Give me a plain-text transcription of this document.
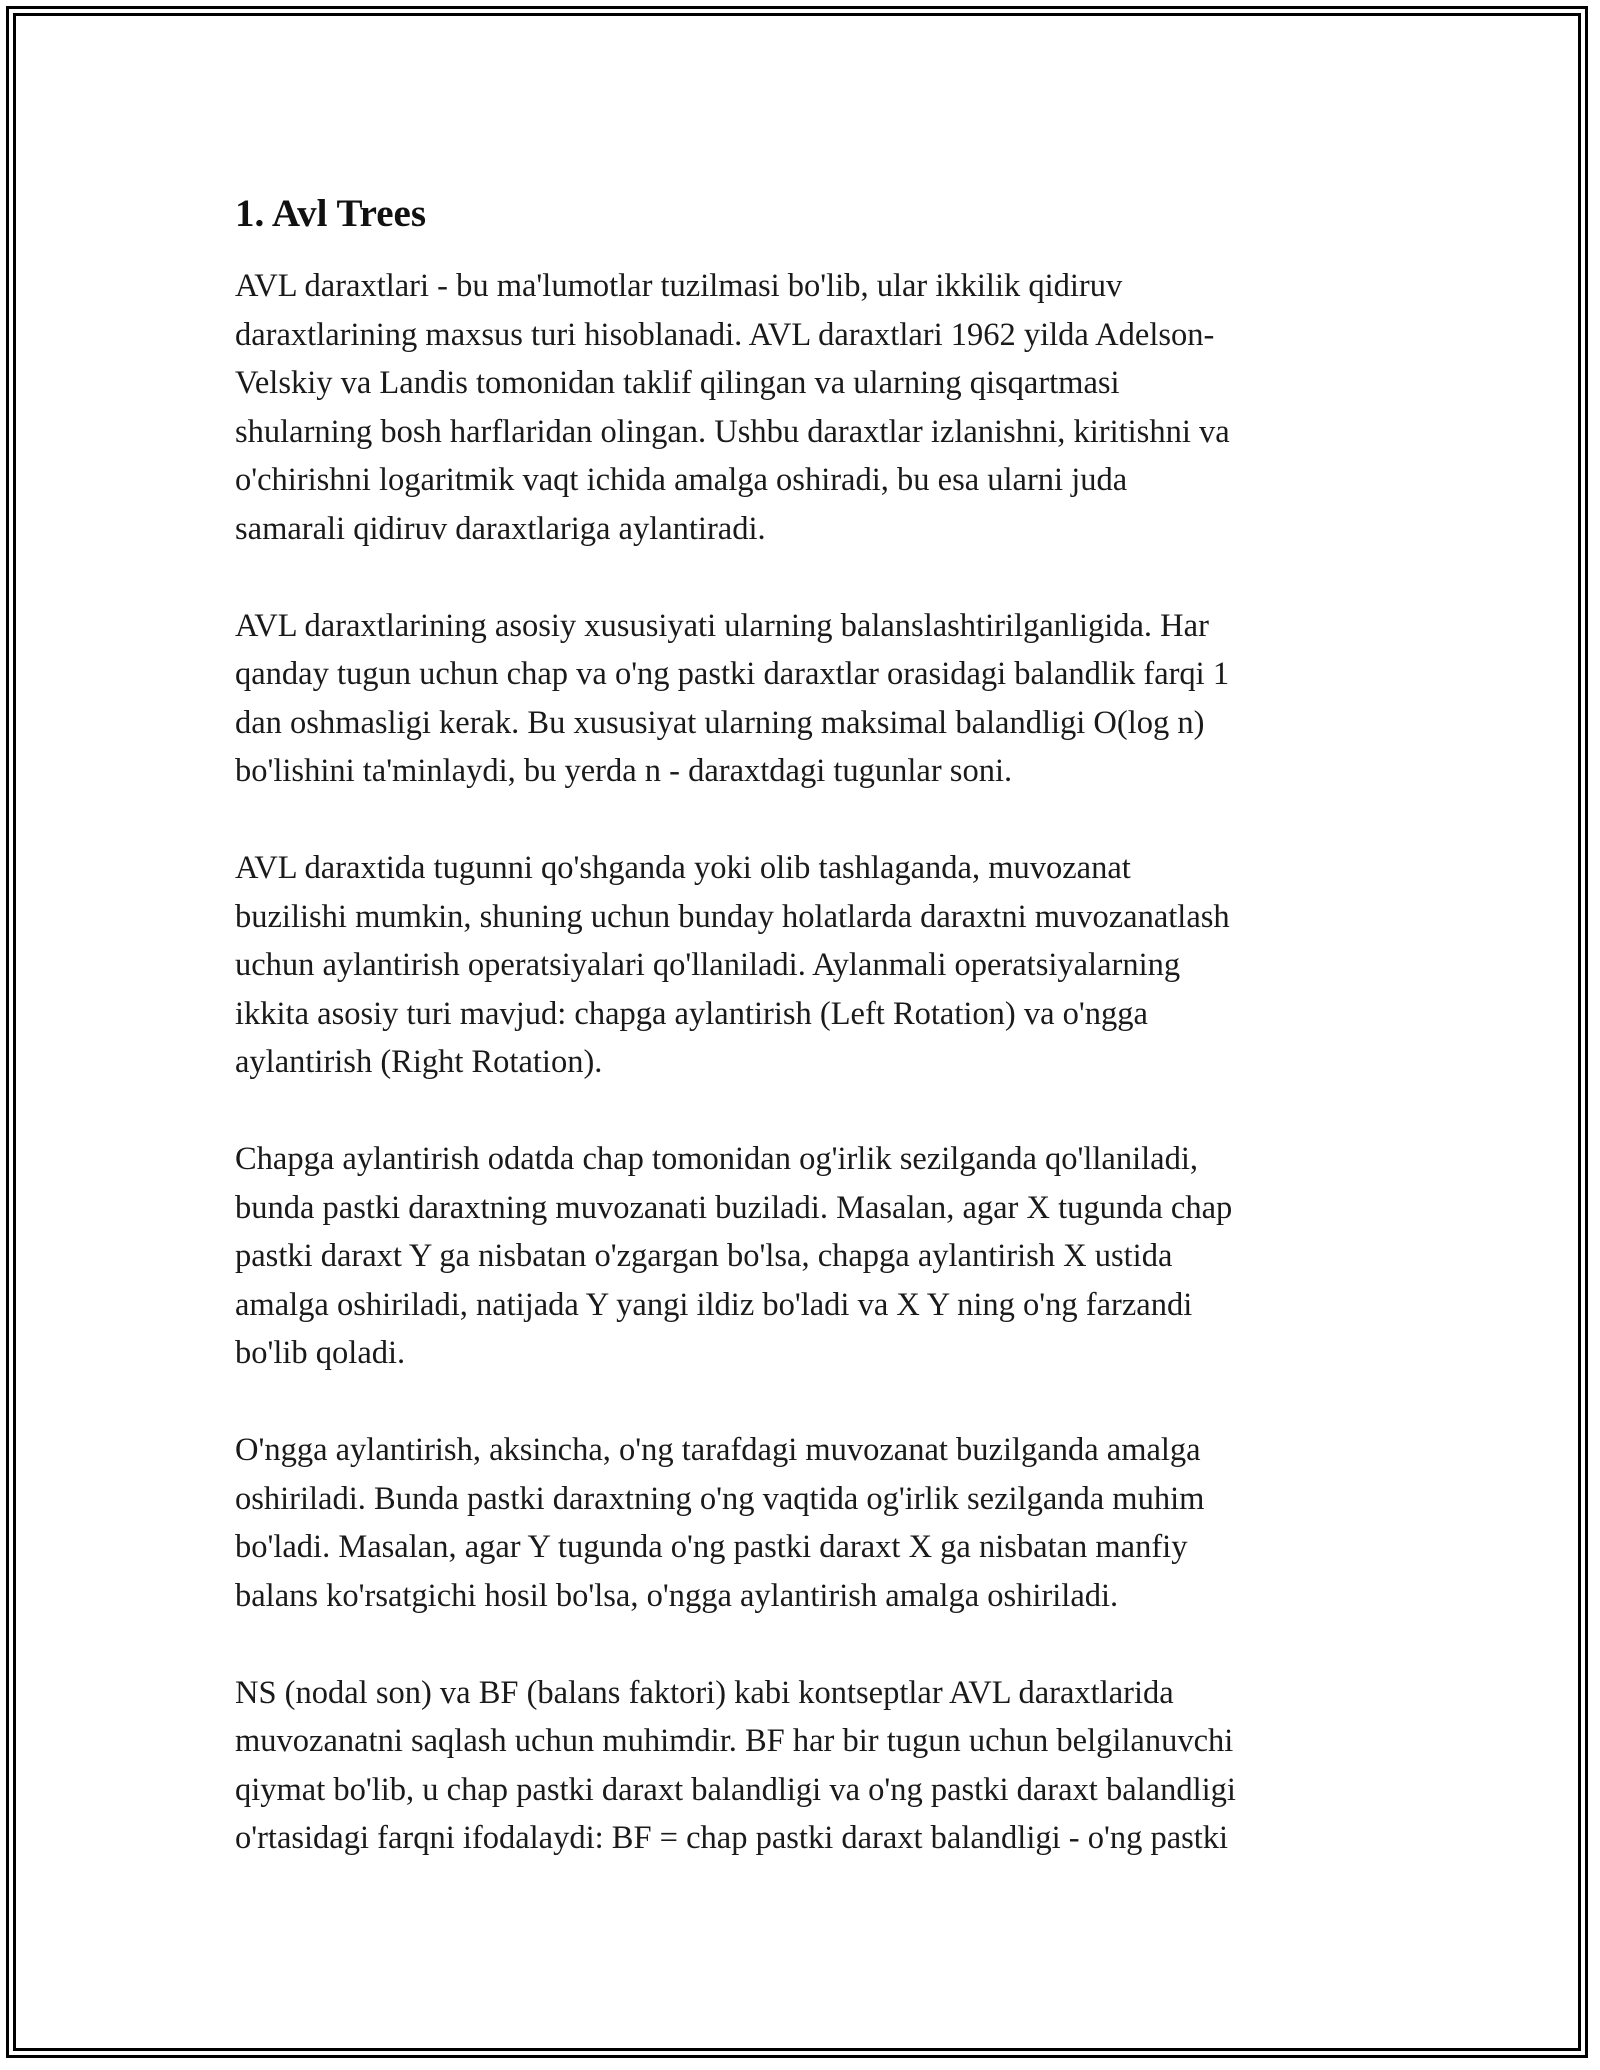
1. Avl Trees
AVL daraxtlari - bu ma'lumotlar tuzilmasi bo'lib, ular ikkilik qidiruv
daraxtlarining maxsus turi hisoblanadi. AVL daraxtlari 1962 yilda Adelson-
Velskiy va Landis tomonidan taklif qilingan va ularning qisqartmasi
shularning bosh harflaridan olingan. Ushbu daraxtlar izlanishni, kiritishni va
o'chirishni logaritmik vaqt ichida amalga oshiradi, bu esa ularni juda
samarali qidiruv daraxtlariga aylantiradi.
AVL daraxtlarining asosiy xususiyati ularning balanslashtirilganligida. Har
qanday tugun uchun chap va o'ng pastki daraxtlar orasidagi balandlik farqi 1
dan oshmasligi kerak. Bu xususiyat ularning maksimal balandligi O(log n)
bo'lishini ta'minlaydi, bu yerda n - daraxtdagi tugunlar soni.
AVL daraxtida tugunni qo'shganda yoki olib tashlaganda, muvozanat
buzilishi mumkin, shuning uchun bunday holatlarda daraxtni muvozanatlash
uchun aylantirish operatsiyalari qo'llaniladi. Aylanmali operatsiyalarning
ikkita asosiy turi mavjud: chapga aylantirish (Left Rotation) va o'ngga
aylantirish (Right Rotation).
Chapga aylantirish odatda chap tomonidan og'irlik sezilganda qo'llaniladi,
bunda pastki daraxtning muvozanati buziladi. Masalan, agar X tugunda chap
pastki daraxt Y ga nisbatan o'zgargan bo'lsa, chapga aylantirish X ustida
amalga oshiriladi, natijada Y yangi ildiz bo'ladi va X Y ning o'ng farzandi
bo'lib qoladi.
O'ngga aylantirish, aksincha, o'ng tarafdagi muvozanat buzilganda amalga
oshiriladi. Bunda pastki daraxtning o'ng vaqtida og'irlik sezilganda muhim
bo'ladi. Masalan, agar Y tugunda o'ng pastki daraxt X ga nisbatan manfiy
balans ko'rsatgichi hosil bo'lsa, o'ngga aylantirish amalga oshiriladi.
NS (nodal son) va BF (balans faktori) kabi kontseptlar AVL daraxtlarida
muvozanatni saqlash uchun muhimdir. BF har bir tugun uchun belgilanuvchi
qiymat bo'lib, u chap pastki daraxt balandligi va o'ng pastki daraxt balandligi
o'rtasidagi farqni ifodalaydi: BF = chap pastki daraxt balandligi - o'ng pastki
